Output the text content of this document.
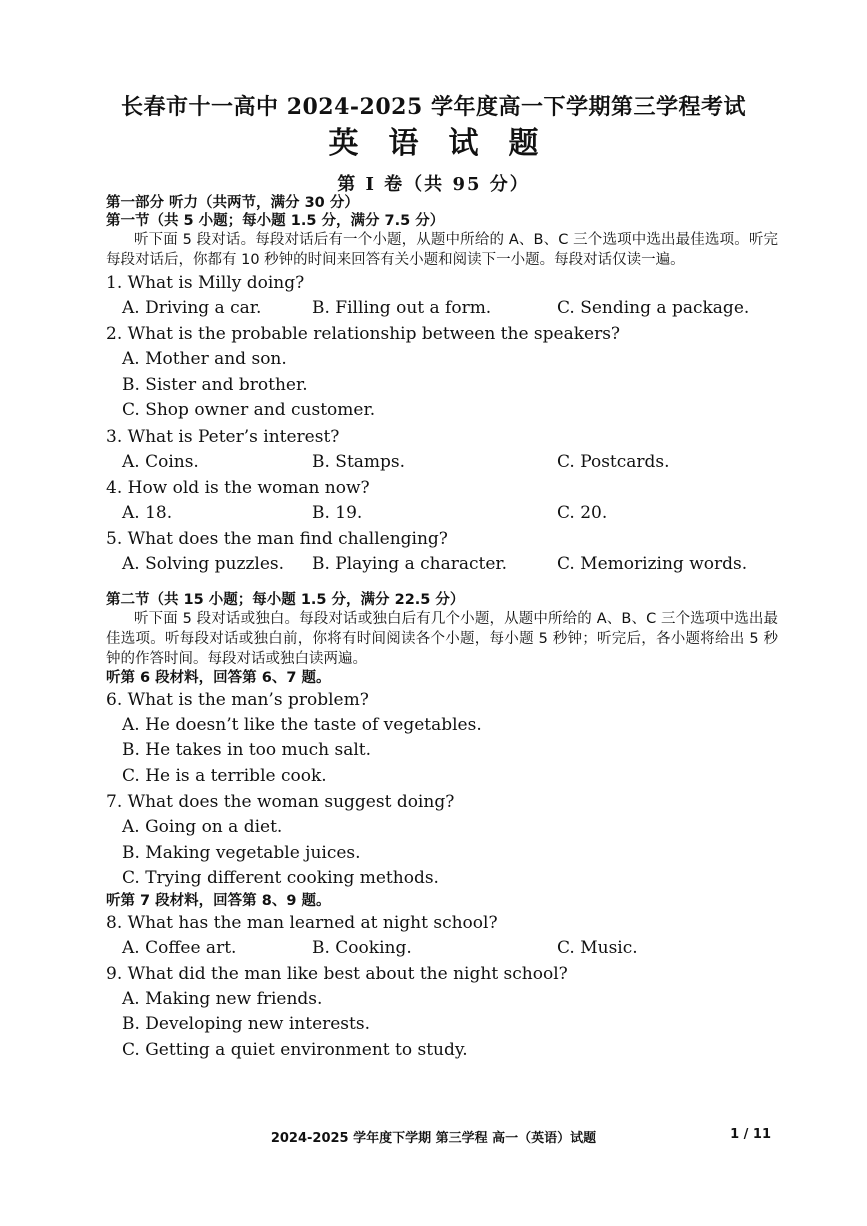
长春市十一高中 2024-2025 学年度高一下学期第三学程考试
英语试题
第 I 卷（共 95 分）
第一部分 听力（共两节，满分 30 分）
第一节（共 5 小题；每小题 1.5 分，满分 7.5 分）
听下面 5 段对话。每段对话后有一个小题，从题中所给的 A、B、C 三个选项中选出最佳选项。听完每段对话后，你都有 10 秒钟的时间来回答有关小题和阅读下一小题。每段对话仅读一遍。
1. What is Milly doing?
A. Driving a car.	B. Filling out a form.	C. Sending a package.
2. What is the probable relationship between the speakers?
A. Mother and son.
B. Sister and brother.
C. Shop owner and customer.
3. What is Peter’s interest?
A. Coins.	B. Stamps.	C. Postcards.
4. How old is the woman now?
A. 18.	B. 19.	C. 20.
5. What does the man find challenging?
A. Solving puzzles.	B. Playing a character.	C. Memorizing words.
第二节（共 15 小题；每小题 1.5 分，满分 22.5 分）
听下面 5 段对话或独白。每段对话或独白后有几个小题，从题中所给的 A、B、C 三个选项中选出最佳选项。听每段对话或独白前，你将有时间阅读各个小题，每小题 5 秒钟；听完后，各小题将给出 5 秒钟的作答时间。每段对话或独白读两遍。
听第 6 段材料，回答第 6、7 题。
6. What is the man’s problem?
A. He doesn’t like the taste of vegetables.
B. He takes in too much salt.
C. He is a terrible cook.
7. What does the woman suggest doing?
A. Going on a diet.
B. Making vegetable juices.
C. Trying different cooking methods.
听第 7 段材料，回答第 8、9 题。
8. What has the man learned at night school?
A. Coffee art.	B. Cooking.	C. Music.
9. What did the man like best about the night school?
A. Making new friends.
B. Developing new interests.
C. Getting a quiet environment to study.
2024-2025 学年度下学期 第三学程 高一（英语）试题	1 / 11
